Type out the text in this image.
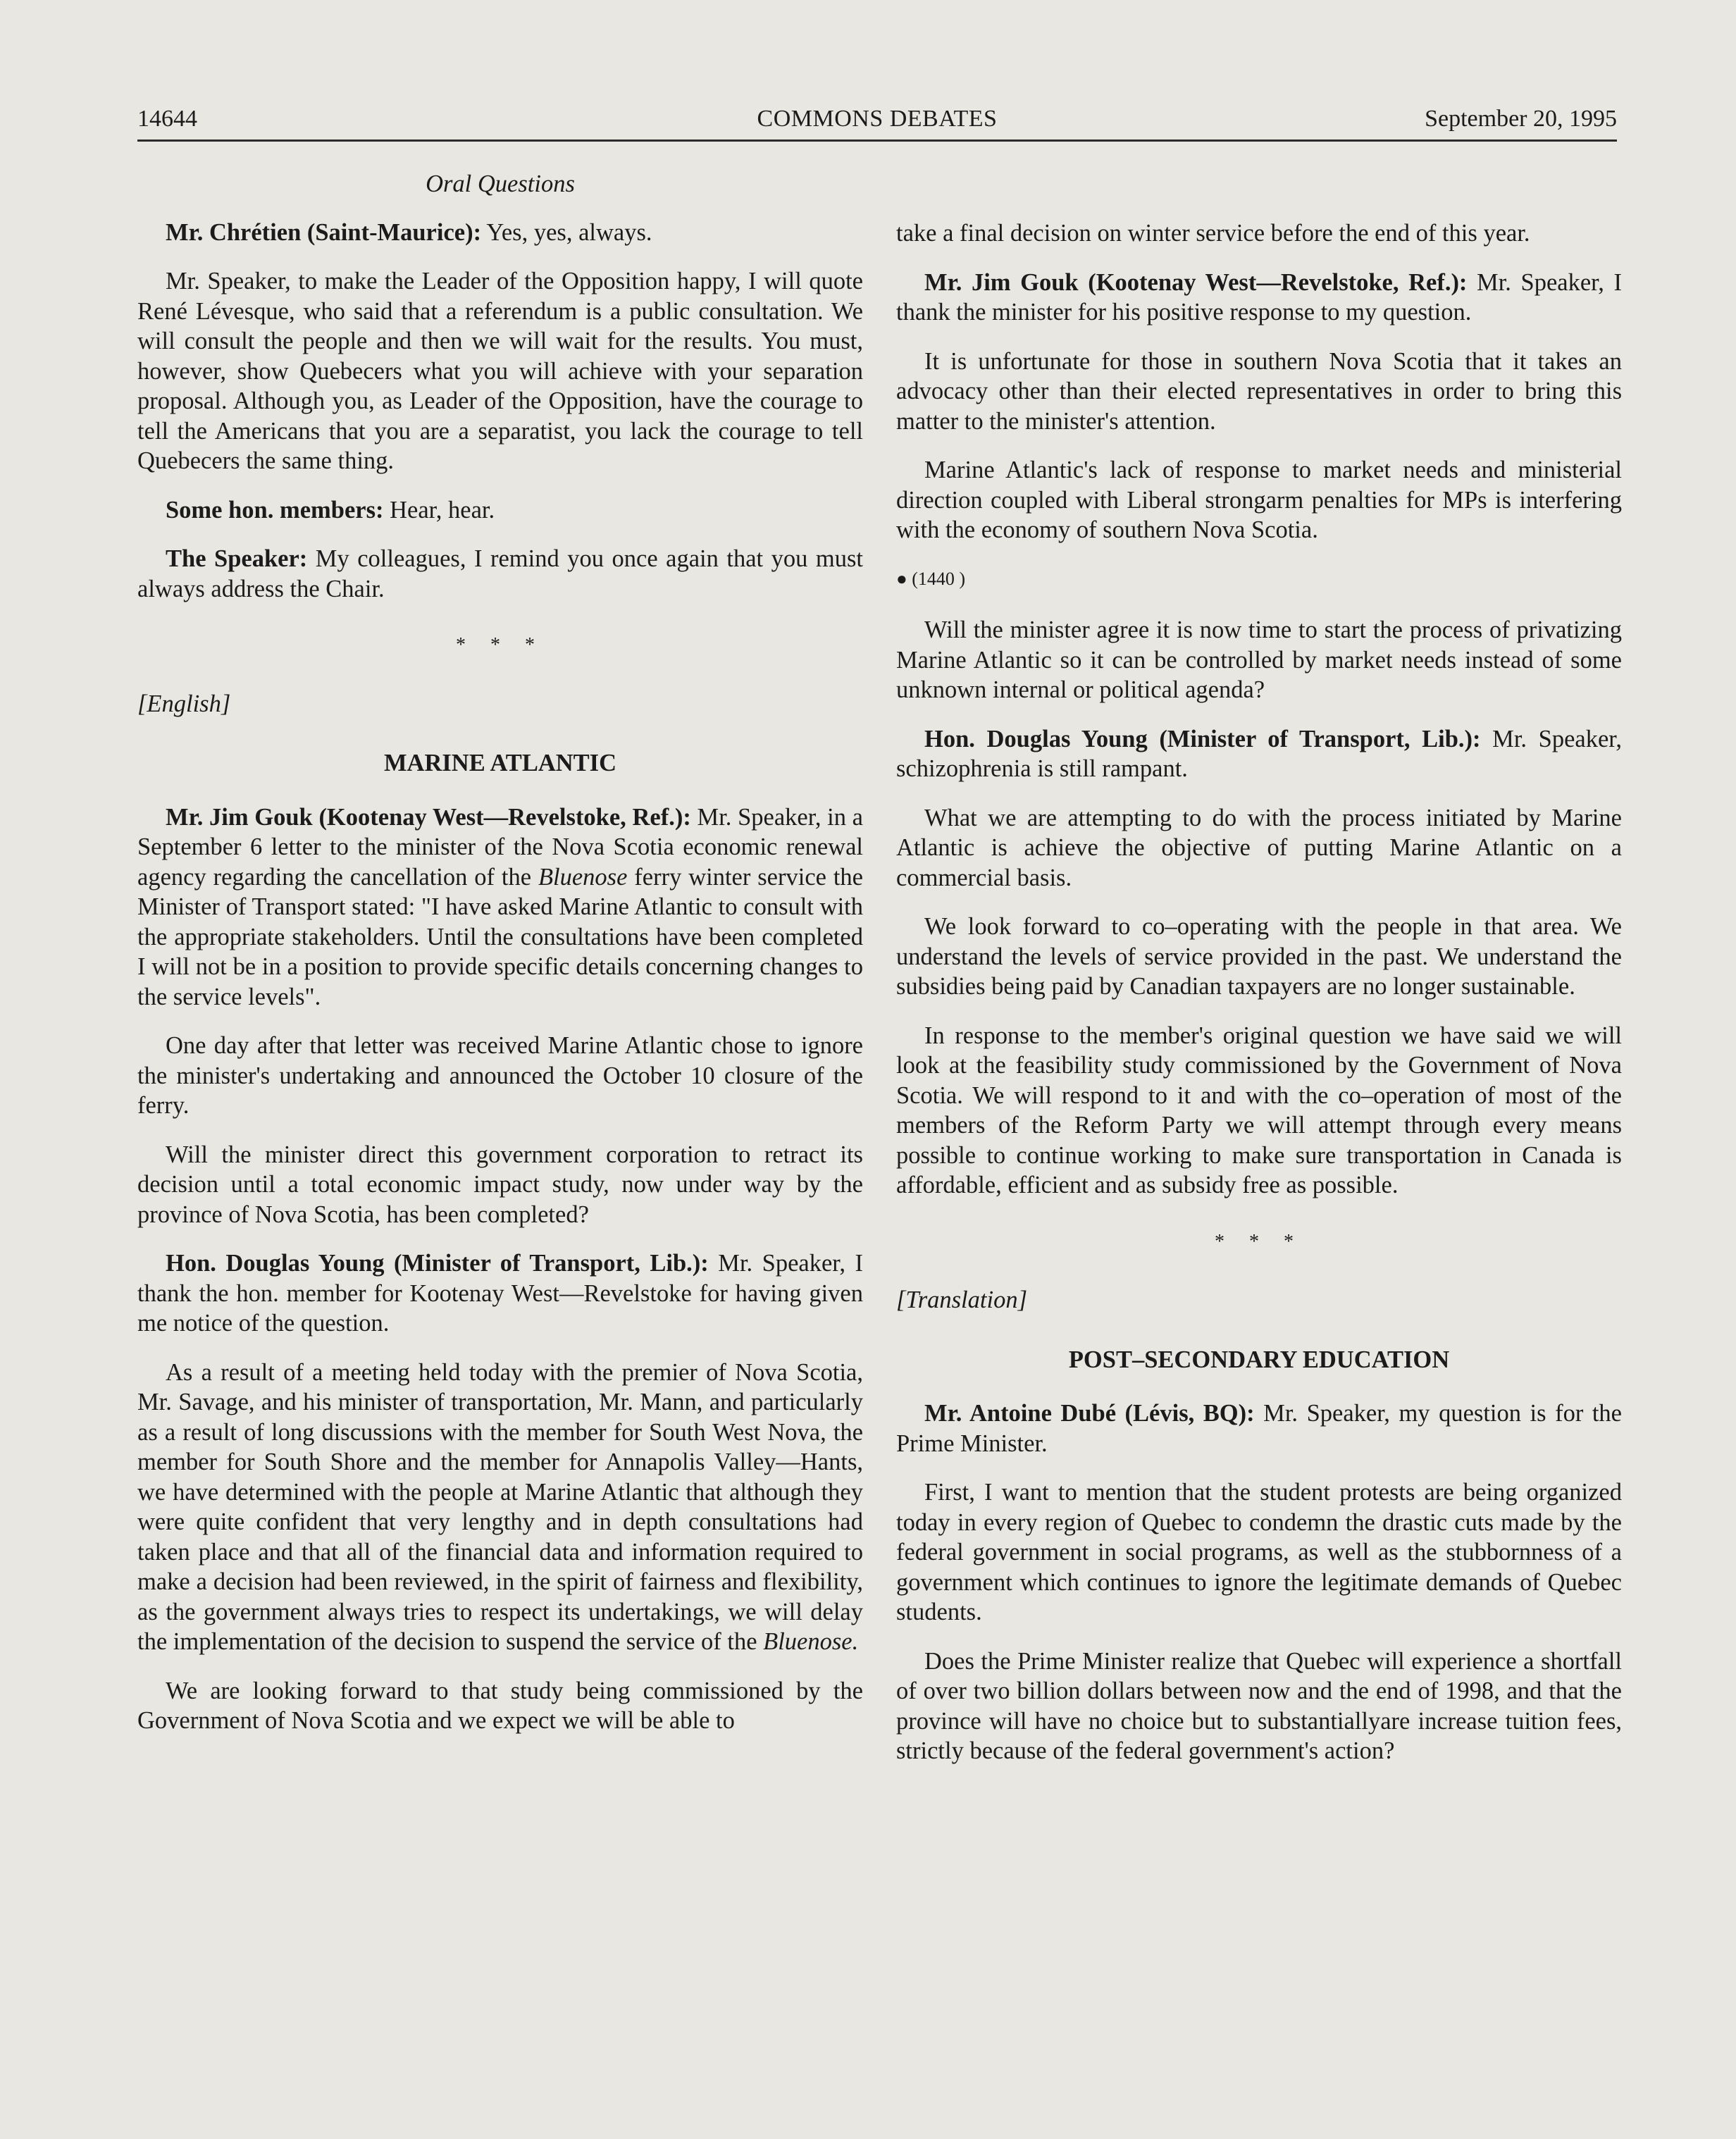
14644	COMMONS DEBATES	September 20, 1995
Oral Questions

Mr. Chrétien (Saint-Maurice): Yes, yes, always.

Mr. Speaker, to make the Leader of the Opposition happy, I will quote René Lévesque, who said that a referendum is a public consultation. We will consult the people and then we will wait for the results. You must, however, show Quebecers what you will achieve with your separation proposal. Although you, as Leader of the Opposition, have the courage to tell the Americans that you are a separatist, you lack the courage to tell Quebecers the same thing.

Some hon. members: Hear, hear.

The Speaker: My colleagues, I remind you once again that you must always address the Chair.

* * *
[English]
MARINE ATLANTIC

Mr. Jim Gouk (Kootenay West—Revelstoke, Ref.): Mr. Speaker, in a September 6 letter to the minister of the Nova Scotia economic renewal agency regarding the cancellation of the Bluenose ferry winter service the Minister of Transport stated: "I have asked Marine Atlantic to consult with the appropriate stakeholders. Until the consultations have been completed I will not be in a position to provide specific details concerning changes to the service levels".

One day after that letter was received Marine Atlantic chose to ignore the minister's undertaking and announced the October 10 closure of the ferry.

Will the minister direct this government corporation to retract its decision until a total economic impact study, now under way by the province of Nova Scotia, has been completed?

Hon. Douglas Young (Minister of Transport, Lib.): Mr. Speaker, I thank the hon. member for Kootenay West—Revelstoke for having given me notice of the question.

As a result of a meeting held today with the premier of Nova Scotia, Mr. Savage, and his minister of transportation, Mr. Mann, and particularly as a result of long discussions with the member for South West Nova, the member for South Shore and the member for Annapolis Valley—Hants, we have determined with the people at Marine Atlantic that although they were quite confident that very lengthy and in depth consultations had taken place and that all of the financial data and information required to make a decision had been reviewed, in the spirit of fairness and flexibility, as the government always tries to respect its undertakings, we will delay the implementation of the decision to suspend the service of the Bluenose.

We are looking forward to that study being commissioned by the Government of Nova Scotia and we expect we will be able to

take a final decision on winter service before the end of this year.

Mr. Jim Gouk (Kootenay West—Revelstoke, Ref.): Mr. Speaker, I thank the minister for his positive response to my question.

It is unfortunate for those in southern Nova Scotia that it takes an advocacy other than their elected representatives in order to bring this matter to the minister's attention.

Marine Atlantic's lack of response to market needs and ministerial direction coupled with Liberal strongarm penalties for MPs is interfering with the economy of southern Nova Scotia.

● (1440 )

Will the minister agree it is now time to start the process of privatizing Marine Atlantic so it can be controlled by market needs instead of some unknown internal or political agenda?

Hon. Douglas Young (Minister of Transport, Lib.): Mr. Speaker, schizophrenia is still rampant.

What we are attempting to do with the process initiated by Marine Atlantic is achieve the objective of putting Marine Atlantic on a commercial basis.

We look forward to co–operating with the people in that area. We understand the levels of service provided in the past. We understand the subsidies being paid by Canadian taxpayers are no longer sustainable.

In response to the member's original question we have said we will look at the feasibility study commissioned by the Government of Nova Scotia. We will respond to it and with the co–operation of most of the members of the Reform Party we will attempt through every means possible to continue working to make sure transportation in Canada is affordable, efficient and as subsidy free as possible.

* * *
[Translation]
POST–SECONDARY EDUCATION

Mr. Antoine Dubé (Lévis, BQ): Mr. Speaker, my question is for the Prime Minister.

First, I want to mention that the student protests are being organized today in every region of Quebec to condemn the drastic cuts made by the federal government in social programs, as well as the stubbornness of a government which continues to ignore the legitimate demands of Quebec students.

Does the Prime Minister realize that Quebec will experience a shortfall of over two billion dollars between now and the end of 1998, and that the province will have no choice but to substantiallyare increase tuition fees, strictly because of the federal government's action?
